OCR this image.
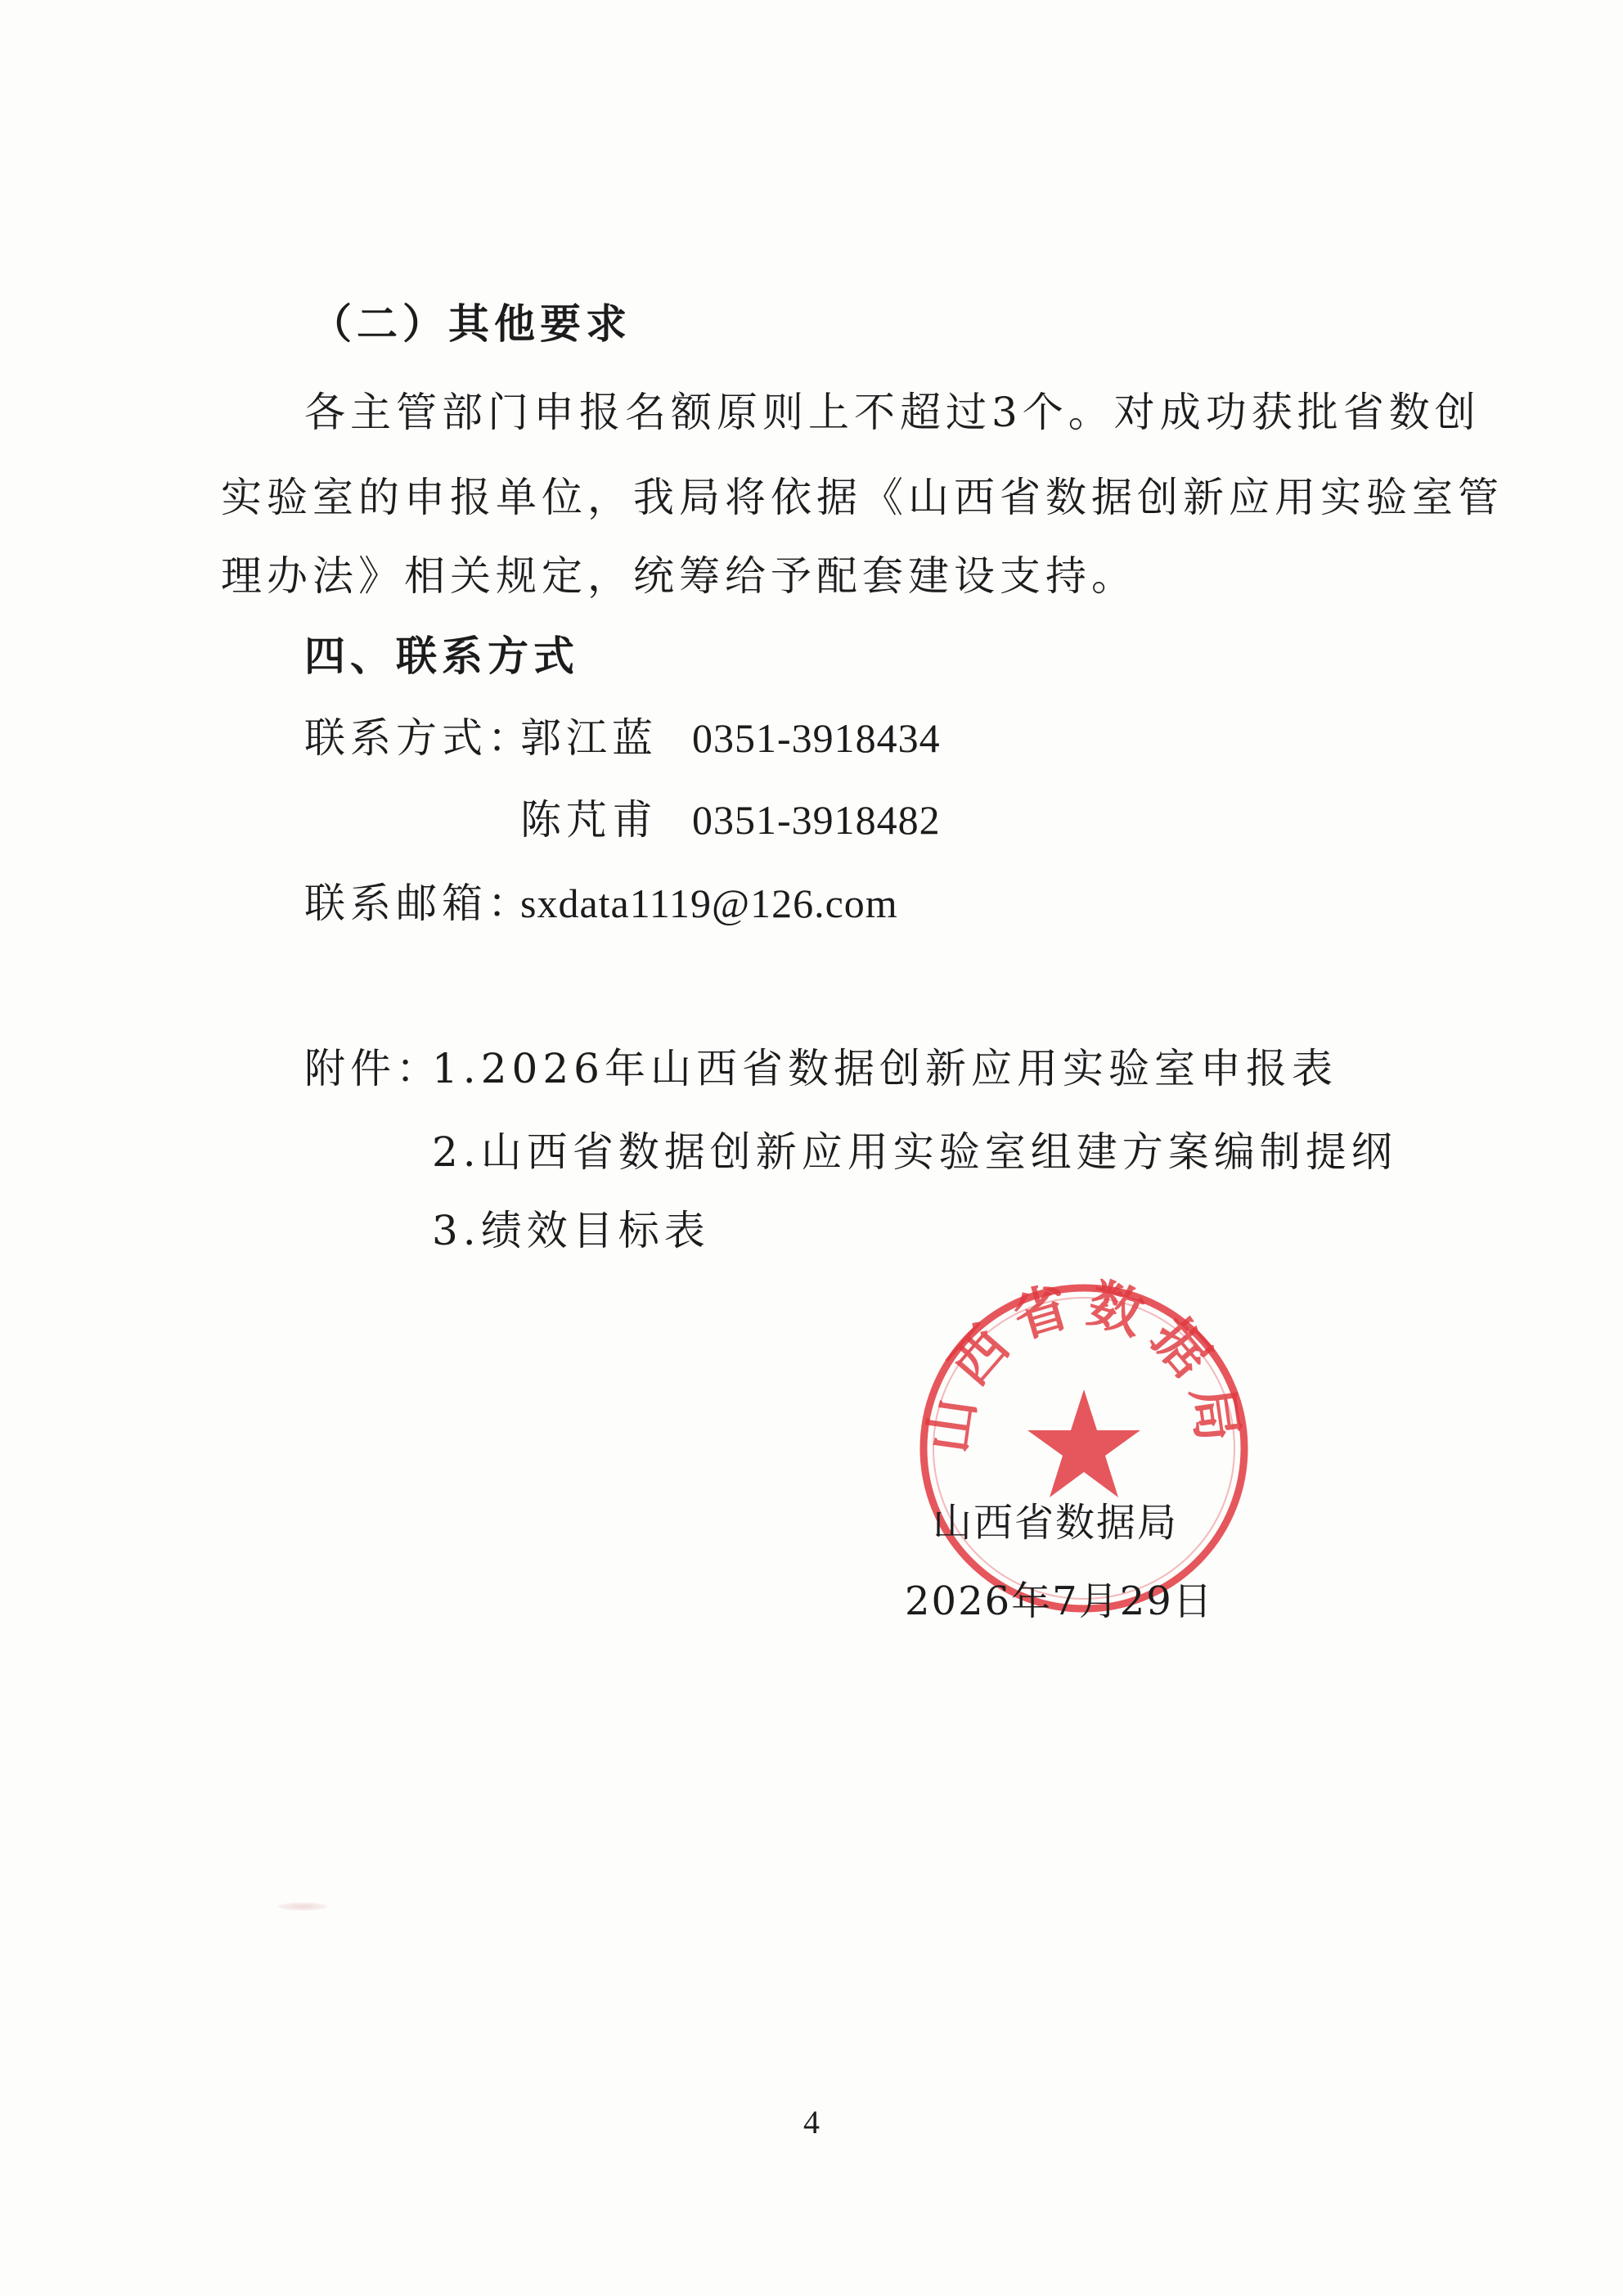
（二）其他要求
各主管部门申报名额原则上不超过3个。对成功获批省数创
实验室的申报单位，我局将依据《山西省数据创新应用实验室管
理办法》相关规定，统筹给予配套建设支持。
四、联系方式
联系方式：
郭江蓝 0351-3918434
陈芃甫 0351-3918482
联系邮箱：
sxdata1119@126.com
附件：
1.2026年山西省数据创新应用实验室申报表
2.山西省数据创新应用实验室组建方案编制提纲
3.绩效目标表
山西省数据局
山西省数据局
2026年7月29日
4
